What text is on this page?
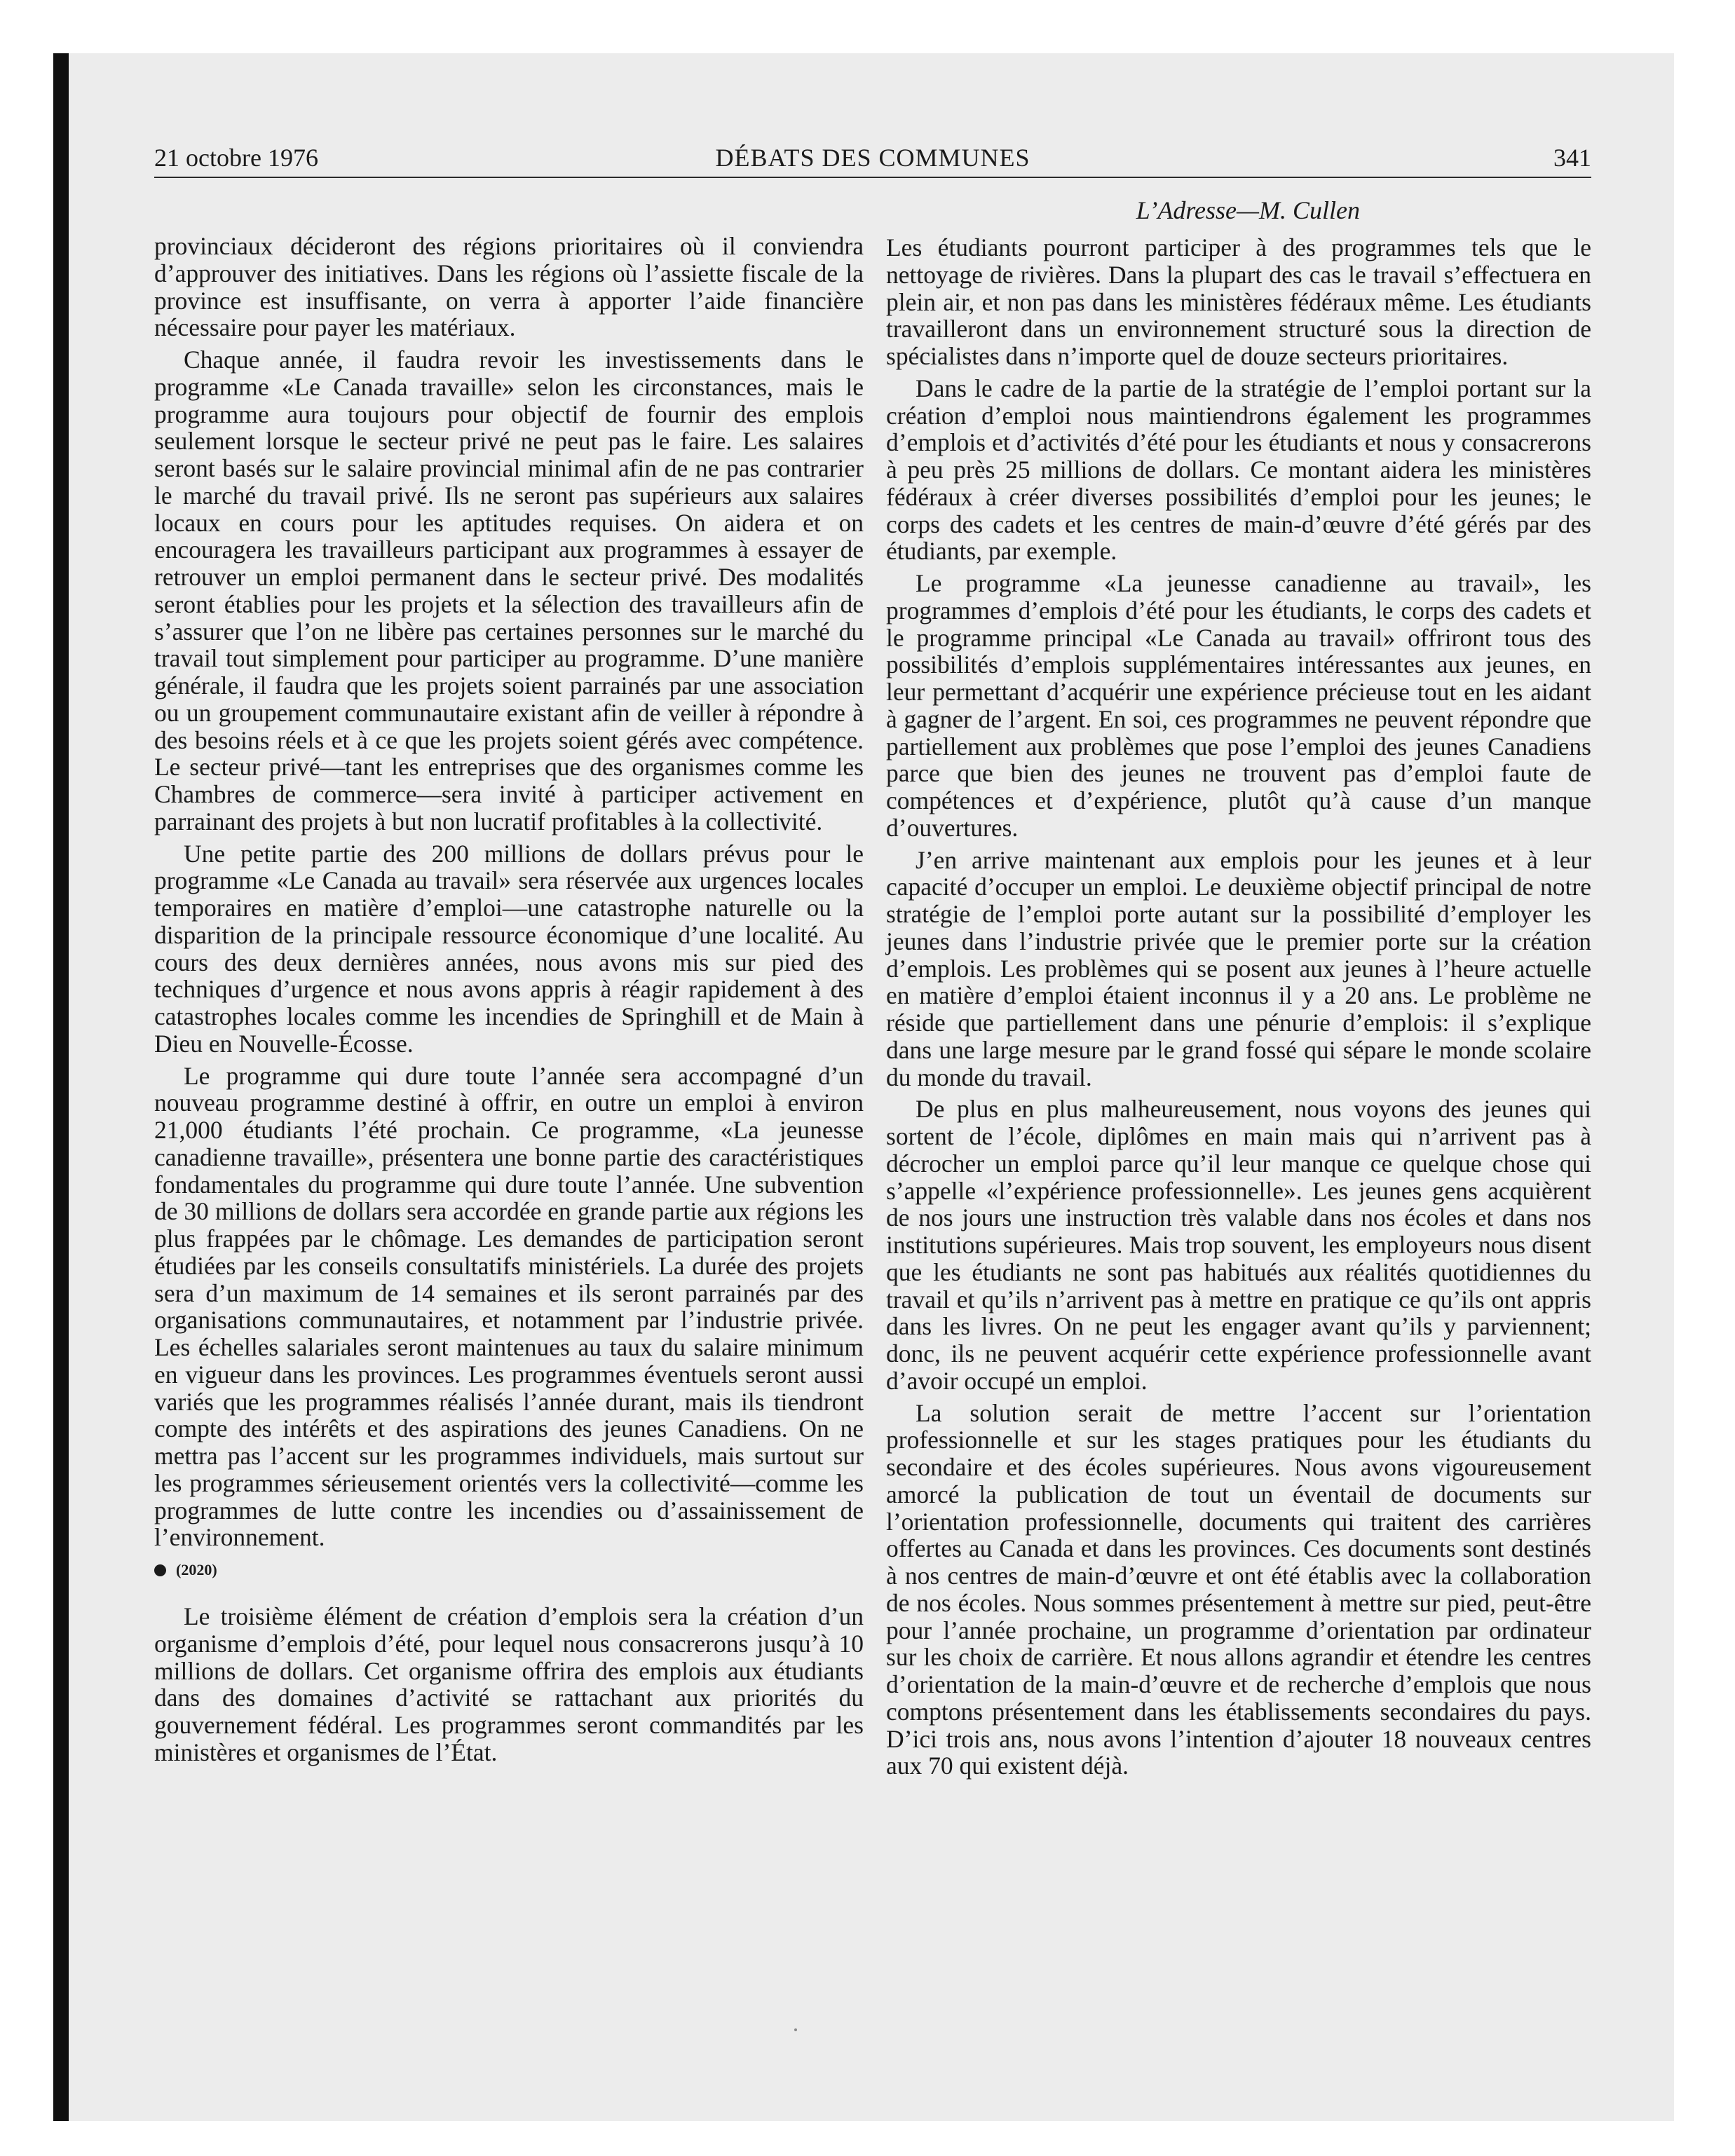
21 octobre 1976	DÉBATS DES COMMUNES	341
L’Adresse—M. Cullen

provinciaux décideront des régions prioritaires où il conviendra d’approuver des initiatives. Dans les régions où l’assiette fiscale de la province est insuffisante, on verra à apporter l’aide financière nécessaire pour payer les matériaux.

Chaque année, il faudra revoir les investissements dans le programme «Le Canada travaille» selon les circonstances, mais le programme aura toujours pour objectif de fournir des emplois seulement lorsque le secteur privé ne peut pas le faire. Les salaires seront basés sur le salaire provincial minimal afin de ne pas contrarier le marché du travail privé. Ils ne seront pas supérieurs aux salaires locaux en cours pour les aptitudes requises. On aidera et on encouragera les travailleurs participant aux programmes à essayer de retrouver un emploi permanent dans le secteur privé. Des modalités seront établies pour les projets et la sélection des travailleurs afin de s’assurer que l’on ne libère pas certaines personnes sur le marché du travail tout simplement pour participer au programme. D’une manière générale, il faudra que les projets soient parrainés par une association ou un groupement communautaire existant afin de veiller à répondre à des besoins réels et à ce que les projets soient gérés avec compétence. Le secteur privé—tant les entreprises que des organismes comme les Chambres de commerce—sera invité à participer activement en parrainant des projets à but non lucratif profitables à la collectivité.

Une petite partie des 200 millions de dollars prévus pour le programme «Le Canada au travail» sera réservée aux urgences locales temporaires en matière d’emploi—une catastrophe naturelle ou la disparition de la principale ressource économique d’une localité. Au cours des deux dernières années, nous avons mis sur pied des techniques d’urgence et nous avons appris à réagir rapidement à des catastrophes locales comme les incendies de Springhill et de Main à Dieu en Nouvelle-Écosse.

Le programme qui dure toute l’année sera accompagné d’un nouveau programme destiné à offrir, en outre un emploi à environ 21,000 étudiants l’été prochain. Ce programme, «La jeunesse canadienne travaille», présentera une bonne partie des caractéristiques fondamentales du programme qui dure toute l’année. Une subvention de 30 millions de dollars sera accordée en grande partie aux régions les plus frappées par le chômage. Les demandes de participation seront étudiées par les conseils consultatifs ministériels. La durée des projets sera d’un maximum de 14 semaines et ils seront parrainés par des organisations communautaires, et notamment par l’industrie privée. Les échelles salariales seront maintenues au taux du salaire minimum en vigueur dans les provinces. Les programmes éventuels seront aussi variés que les programmes réalisés l’année durant, mais ils tiendront compte des intérêts et des aspirations des jeunes Canadiens. On ne mettra pas l’accent sur les programmes individuels, mais surtout sur les programmes sérieusement orientés vers la collectivité—comme les programmes de lutte contre les incendies ou d’assainissement de l’environnement.

(2020)

Le troisième élément de création d’emplois sera la création d’un organisme d’emplois d’été, pour lequel nous consacrerons jusqu’à 10 millions de dollars. Cet organisme offrira des emplois aux étudiants dans des domaines d’activité se rattachant aux priorités du gouvernement fédéral. Les programmes seront commandités par les ministères et organismes de l’État.

Les étudiants pourront participer à des programmes tels que le nettoyage de rivières. Dans la plupart des cas le travail s’effectuera en plein air, et non pas dans les ministères fédéraux même. Les étudiants travailleront dans un environnement structuré sous la direction de spécialistes dans n’importe quel de douze secteurs prioritaires.

Dans le cadre de la partie de la stratégie de l’emploi portant sur la création d’emploi nous maintiendrons également les programmes d’emplois et d’activités d’été pour les étudiants et nous y consacrerons à peu près 25 millions de dollars. Ce montant aidera les ministères fédéraux à créer diverses possibilités d’emploi pour les jeunes; le corps des cadets et les centres de main-d’œuvre d’été gérés par des étudiants, par exemple.

Le programme «La jeunesse canadienne au travail», les programmes d’emplois d’été pour les étudiants, le corps des cadets et le programme principal «Le Canada au travail» offriront tous des possibilités d’emplois supplémentaires intéressantes aux jeunes, en leur permettant d’acquérir une expérience précieuse tout en les aidant à gagner de l’argent. En soi, ces programmes ne peuvent répondre que partiellement aux problèmes que pose l’emploi des jeunes Canadiens parce que bien des jeunes ne trouvent pas d’emploi faute de compétences et d’expérience, plutôt qu’à cause d’un manque d’ouvertures.

J’en arrive maintenant aux emplois pour les jeunes et à leur capacité d’occuper un emploi. Le deuxième objectif principal de notre stratégie de l’emploi porte autant sur la possibilité d’employer les jeunes dans l’industrie privée que le premier porte sur la création d’emplois. Les problèmes qui se posent aux jeunes à l’heure actuelle en matière d’emploi étaient inconnus il y a 20 ans. Le problème ne réside que partiellement dans une pénurie d’emplois: il s’explique dans une large mesure par le grand fossé qui sépare le monde scolaire du monde du travail.

De plus en plus malheureusement, nous voyons des jeunes qui sortent de l’école, diplômes en main mais qui n’arrivent pas à décrocher un emploi parce qu’il leur manque ce quelque chose qui s’appelle «l’expérience professionnelle». Les jeunes gens acquièrent de nos jours une instruction très valable dans nos écoles et dans nos institutions supérieures. Mais trop souvent, les employeurs nous disent que les étudiants ne sont pas habitués aux réalités quotidiennes du travail et qu’ils n’arrivent pas à mettre en pratique ce qu’ils ont appris dans les livres. On ne peut les engager avant qu’ils y parviennent; donc, ils ne peuvent acquérir cette expérience professionnelle avant d’avoir occupé un emploi.

La solution serait de mettre l’accent sur l’orientation professionnelle et sur les stages pratiques pour les étudiants du secondaire et des écoles supérieures. Nous avons vigoureusement amorcé la publication de tout un éventail de documents sur l’orientation professionnelle, documents qui traitent des carrières offertes au Canada et dans les provinces. Ces documents sont destinés à nos centres de main-d’œuvre et ont été établis avec la collaboration de nos écoles. Nous sommes présentement à mettre sur pied, peut-être pour l’année prochaine, un programme d’orientation par ordinateur sur les choix de carrière. Et nous allons agrandir et étendre les centres d’orientation de la main-d’œuvre et de recherche d’emplois que nous comptons présentement dans les établissements secondaires du pays. D’ici trois ans, nous avons l’intention d’ajouter 18 nouveaux centres aux 70 qui existent déjà.
